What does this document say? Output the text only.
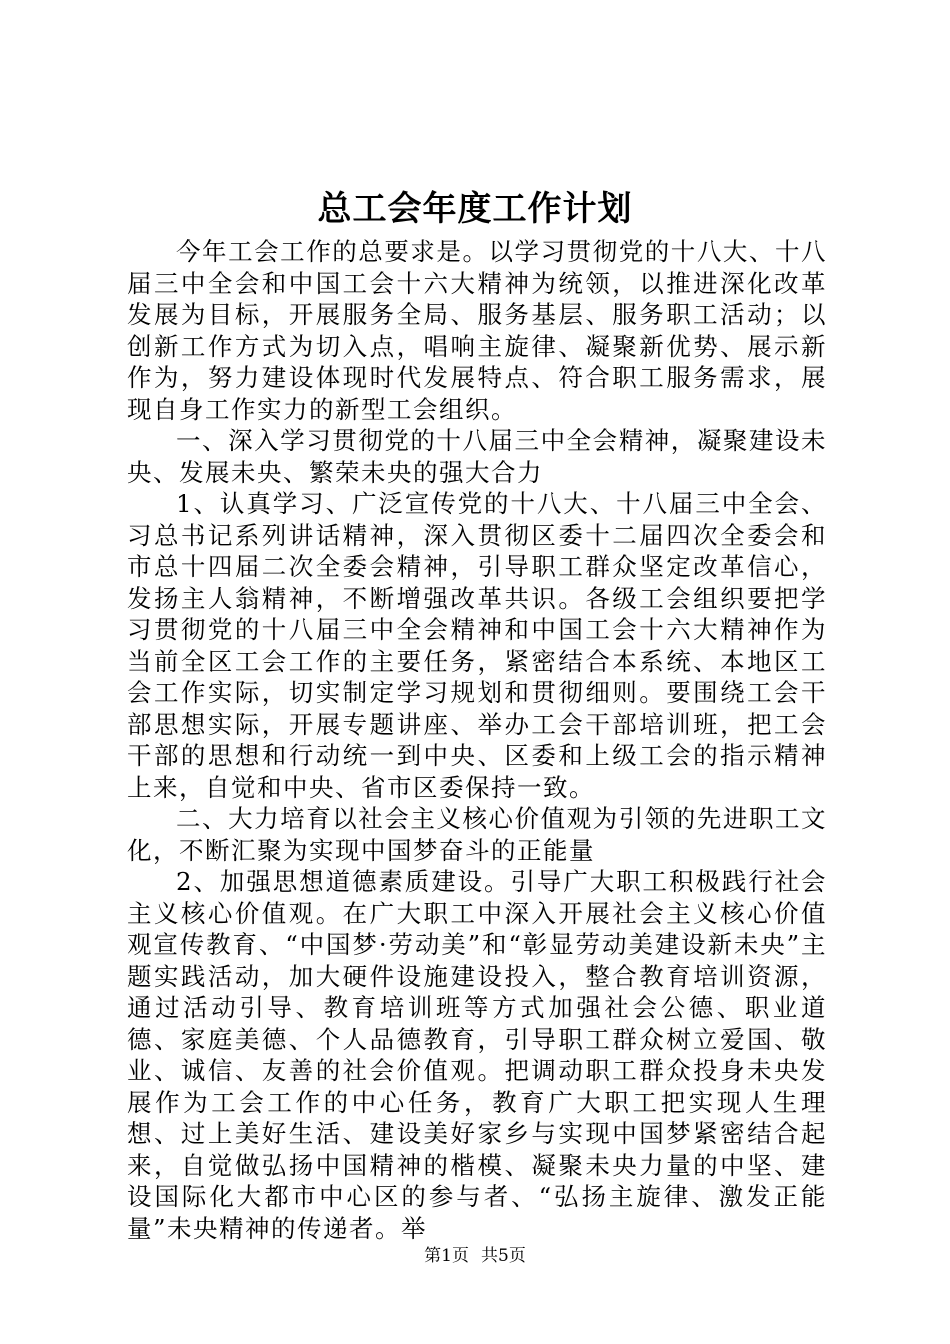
总工会年度工作计划

今年工会工作的总要求是。以学习贯彻党的十八大、十八届三中全会和中国工会十六大精神为统领，以推进深化改革发展为目标，开展服务全局、服务基层、服务职工活动；以创新工作方式为切入点，唱响主旋律、凝聚新优势、展示新作为，努力建设体现时代发展特点、符合职工服务需求，展现自身工作实力的新型工会组织。

一、深入学习贯彻党的十八届三中全会精神，凝聚建设未央、发展未央、繁荣未央的强大合力

1、认真学习、广泛宣传党的十八大、十八届三中全会、习总书记系列讲话精神，深入贯彻区委十二届四次全委会和市总十四届二次全委会精神，引导职工群众坚定改革信心，发扬主人翁精神，不断增强改革共识。各级工会组织要把学习贯彻党的十八届三中全会精神和中国工会十六大精神作为当前全区工会工作的主要任务，紧密结合本系统、本地区工会工作实际，切实制定学习规划和贯彻细则。要围绕工会干部思想实际，开展专题讲座、举办工会干部培训班，把工会干部的思想和行动统一到中央、区委和上级工会的指示精神上来，自觉和中央、省市区委保持一致。

二、大力培育以社会主义核心价值观为引领的先进职工文化，不断汇聚为实现中国梦奋斗的正能量

2、加强思想道德素质建设。引导广大职工积极践行社会主义核心价值观。在广大职工中深入开展社会主义核心价值观宣传教育、“中国梦·劳动美”和“彰显劳动美建设新未央”主题实践活动，加大硬件设施建设投入，整合教育培训资源，通过活动引导、教育培训班等方式加强社会公德、职业道德、家庭美德、个人品德教育，引导职工群众树立爱国、敬业、诚信、友善的社会价值观。把调动职工群众投身未央发展作为工会工作的中心任务，教育广大职工把实现人生理想、过上美好生活、建设美好家乡与实现中国梦紧密结合起来，自觉做弘扬中国精神的楷模、凝聚未央力量的中坚、建设国际化大都市中心区的参与者、“弘扬主旋律、激发正能量”未央精神的传递者。举

第1页 共5页
